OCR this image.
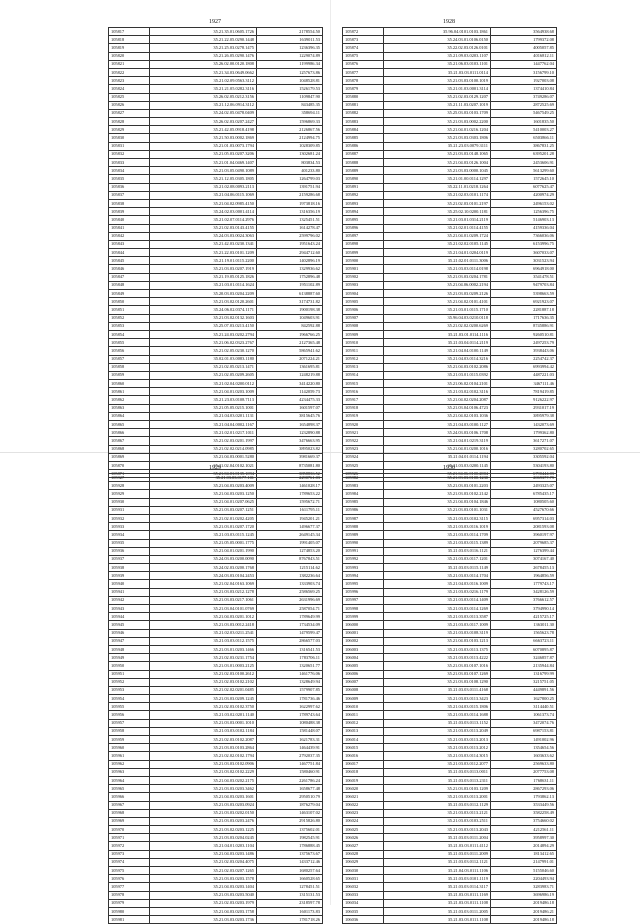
1927
105817	35.21.35.01.0605.1726	2178554.50
105818	35.21.22.05.0290.1448	1639011.53
105819	35.21.25.03.0278.1475	1236396.35
105820	35.21.26.05.0290.1476	1229074.89
105821	35.26.02.00.0120.1808	1199986.34
105822	35.21.34.03.0649.0662	1257673.86
105823	35.21.02.09.0563.3112	1048528.81
105824	35.21.21.05.0282.3116	1526179.53
105825	35.26.02.05.0212.3156	1109847.90
105826	35.21.12.06.0914.3112	843485.35
105827	35.24.02.05.0478.0409	358694.11
105828	35.26.02.03.0207.2427	1596869.33
105829	35.21.42.05.0918.4198	2126867.56
105830	35.21.50.03.0002.1869	2124994.75
105831	35.21.01.03.0073.1794	1028309.85
105832	35.21.05.03.0207.3206	1302681.24
105833	35.21.01.04.0469.1407	803834.53
105834	35.21.03.05.0490.1089	401233.80
105835	35.21.12.05.0305.1805	1264799.03
105836	35.21.02.08.0093.2113	1391751.94
105837	35.21.04.06.0115.1069	2159286.68
105838	35.21.04.02.0985.4150	1973818.16
105839	35.24.02.03.0001.4114	1316356.19
105840	35.21.02.07.0114.2976	1325451.51
105841	35.21.02.03.0143.4155	1614278.47
105842	35.24.03.03.0024.3063	2599796.02
105843	35.21.42.03.0230.1341	1951643.24
105844	35.21.22.03.0101.1209	2944712.60
105845	35.21.19.01.0115.2200	1402896.19
105846	35.21.03.03.0207.1919	1329936.62
105847	35.21.19.05.0125.1826	1752896.48
105848	35.21.03.01.0114.1624	1951102.89
105849	35.20.03.03.0204.2209	6138887.60
105850	35.21.03.02.0120.2601	3174731.82
105851	35.24.06.02.0374.1171	1900198.38
105852	35.21.03.02.0132.1603	1049603.91
105853	35.25.07.03.0213.4150	842592.88
105854	35.21.24.03.0202.2794	1966766.25
105855	35.21.06.02.0323.2767	2127365.48
105856	35.21.02.05.0230.1270	5865941.62
105857	35.02.01.03.0083.1180	2071224.21
105858	35.21.02.05.0213.1471	1361695.81
105859	35.21.02.05.0209.2605	1248219.88
105860	35.21.02.04.0200.0112	3414220.80
105861	35.21.04.01.0203.1009	1142059.73
105862	35.21.23.03.0108.7113	4234475.33
105863	35.21.05.05.0215.1001	1601597.07
105864	35.21.04.03.0201.1131	3815645.76
105865	35.21.04.04.0002.1167	1654898.37
105866	35.21.02.01.0217.1011	1232890.88
105867	35.21.02.03.0201.1997	3476663.95
105868	35.21.02.02.0214.0985	3895023.82
105869	35.21.04.03.0001.5280	3981669.37
105870	35.21.02.04.0102.1021	8735081.80
105871	35.21.04.01.0135.1094	3858836.52
1928
105872	35.96.04.0101.0103.1861	3564938.68
105873	35.24.03.01.0106.0150	1799372.08
105874	35.22.02.03.0126.0101	4005057.85
105875	35.21.09.03.0203.1107	4016812.11
105876	35.21.06.03.0103.1101	1447762.04
105877	35.21.03.03.0111.0114	3156799.10
105878	35.21.03.03.0100.1019	1927003.08
105879	35.21.01.03.0001.3114	1374410.84
105880	35.21.02.03.0129.1207	3749286.07
105881	35.21.11.03.0207.1019	2872525.69
105882	35.25.03.03.0103.1709	5467549.25
105883	35.21.03.03.0002.2200	1601835.50
105884	35.21.04.01.0216.1204	5410003.27
105885	35.21.03.03.0303.1806	6503866.11
105886	35.21.23.03.0079.3111	3867831.25
105887	35.21.03.03.0148.1065	6395201.28
105888	35.21.04.03.0126.1004	2453606.91
105889	35.21.03.03.0000.1045	5613299.60
105890	35.21.01.00.0114.1297	1572645.10
105891	35.22.11.01.0218.1264	6077625.47
105892	35.21.02.03.0101.1174	4200974.29
105893	35.21.02.03.0101.2197	2496153.02
105894	35.25.02.10.0200.1181	1256396.75
105895	35.21.03.01.0314.2119	5146903.13
105896	35.21.02.01.0114.4155	4159336.04
105897	35.21.04.01.0209.1724	7366036.06
105898	35.21.02.02.0105.1145	6153996.75
105899	35.21.04.01.0204.0119	3607033.07
105900	35.21.02.01.0111.3006	3031523.94
105901	35.21.03.03.0114.0198	6964918.00
105902	35.21.03.03.0204.1781	3541478.51
105903	35.21.04.06.0002.2194	9479703.84
105904	35.21.03.03.0209.2126	5398663.59
105905	35.21.04.02.0101.4101	6921923.07
105906	35.21.03.01.0115.1710	2281887.18
105907	35.96.04.03.0210.0118	1717636.35
105908	35.21.02.02.0200.6269	8745886.91
105909	35.21.03.01.0114.1116	9260510.81
105910	35.21.03.04.0114.2119	2497253.79
105911	35.21.04.04.0100.1149	3938443.06
105912	35.21.04.03.0114.3216	2254742.37
105913	35.21.04.03.0102.2086	6993994.42
105914	35.21.03.01.0115.0392	4487221.03
105915	35.21.06.02.0104.2101	3467111.46
105916	35.21.03.02.0102.3116	7819419.85
105917	35.21.04.02.0204.2087	9126222.97
105918	35.21.03.04.0106.4723	2931017.19
105919	35.21.04.02.0103.1036	3895979.38
105920	35.21.04.03.0100.1127	1432073.69
105921	35.24.03.03.0106.1708	1799362.80
105922	35.21.04.01.0219.3119	3617271.07
105923	35.21.04.01.0200.1016	3280702.65
105924	35.21.04.01.0114.1194	3305592.04
105925	35.21.03.03.0200.1145	5304193.80
105926	35.21.04.06.0100.2004	6790444.03
1929
105927	35.21.03.03.0177.101	2290761.03
105928	35.21.04.03.0203.4009	1461028.17
105929	35.21.04.03.0203.1250	1789653.22
105930	35.21.04.01.0207.0625	1595672.71
105931	35.21.03.03.0207.1251	1611795.11
105932	35.21.02.01.0202.4205	1945201.21
105933	35.21.03.01.0207.1720	1496677.37
105934	35.21.03.03.0115.1245	2649145.34
105935	35.21.05.05.0001.1775	1991405.07
105936	35.21.04.01.0201.1990	1274853.20
105937	35.24.03.03.0200.0090	8767843.51
105938	35.24.02.03.0200.1768	1215114.62
105939	35.24.03.03.0104.2453	1382236.64
105940	35.21.02.04.0163.1069	1333903.74
105941	35.21.03.03.0212.1278	2586569.25
105942	35.21.03.03.0217.1061	2631996.69
105943	35.21.03.04.0101.0769	2587054.71
105944	35.21.04.03.0201.1012	1789649.99
105945	35.21.03.03.0012.2418	1734534.09
105946	35.21.02.03.0211.2541	1479599.47
105947	35.21.03.03.0112.1575	2866577.03
105948	35.21.03.01.0203.1466	1316541.53
105949	35.21.02.03.0231.1754	1783706.11
105950	35.21.03.01.0003.2125	1320651.77
105951	35.21.02.03.0100.2612	1461776.06
105952	35.21.02.03.0102.2102	1328649.94
105953	35.21.02.02.0201.0485	1579907.85
105954	35.21.03.03.0209.1245	1781736.46
105955	35.21.02.03.0102.3750	1622997.62
105956	35.21.03.02.0201.1140	1789743.64
105957	35.21.03.03.0001.1010	1080488.38
105958	35.21.03.03.0102.1184	1581448.07
105959	35.21.02.03.0102.2087	1621783.31
105960	35.21.03.03.0103.2864	1464439.91
105961	35.21.02.02.0102.1794	2792037.35
105962	35.21.03.03.0102.0906	1467751.84
105963	35.21.03.02.0102.2229	1580460.91
105964	35.21.04.03.0202.2175	2261786.24
105965	35.21.03.03.0203.3462	1658677.48
105966	35.21.04.03.0203.1601	2950510.79
105967	35.21.03.03.0203.0924	1876279.04
105968	35.21.03.03.0202.0150	1463107.02
105969	35.21.03.03.0203.2476	2915826.80
105970	35.21.03.02.0203.1225	1375602.01
105971	35.21.03.03.0204.0245	1982545.91
105972	35.21.04.01.0203.1104	1786888.45
105973	35.21.04.03.0203.1486	1375673.67
105974	35.21.02.03.0204.4075	1433712.46
105975	35.21.02.03.0207.1265	1680257.64
105976	35.21.03.03.0203.1578	1660528.65
105977	35.21.04.03.0203.1404	1278451.51
105978	35.21.03.03.0203.5040	1315131.53
105979	35.21.02.03.0203.1979	2318597.78
105980	35.21.04.03.0203.1758	1601173.83
105981	35.21.03.03.0203.1736	1781718.26
1930
105982	35.21.03.03.0100.1230	2069377.79
105983	35.21.03.03.0101.2203	2493325.07
105984	35.21.03.03.0102.2142	6785435.17
105985	35.21.04.03.0104.1846	1080505.60
105986	35.21.03.03.0101.1031	4527670.66
105987	35.21.03.03.0102.3115	6957314.03
105988	35.21.03.03.0116.1019	2081593.08
105989	35.21.03.03.0114.1709	3960197.97
105990	35.21.03.03.0115.1389	2079685.37
105991	35.21.03.03.0116.1121	1276399.44
105992	35.21.03.03.0117.1201	3074167.40
105993	35.21.03.03.0115.1149	2678455.13
105994	35.21.03.03.0114.1704	1964856.59
105995	35.21.04.03.0116.1009	1779743.17
105996	35.21.03.03.0216.1179	3428126.59
105997	35.21.03.03.0114.1409	3766612.57
105998	35.21.03.03.0114.1269	3794990.14
105999	35.21.03.03.0113.3587	4215725.17
106000	35.21.03.03.0117.1009	1363011.30
106001	35.21.03.03.0108.3119	1565623.78
106002	35.21.04.03.0103.1213	6663723.11
106003	35.21.03.03.0113.1375	6070895.87
106004	35.21.03.03.0113.4222	3246857.87
106005	35.21.03.03.0107.1016	2135944.84
106006	35.21.03.03.0107.1269	1316799.99
106007	35.21.03.03.0108.1290	3215751.05
106008	35.21.03.03.0111.4168	4449891.56
106009	35.21.03.03.0113.3423	1627800.25
106010	35.21.04.03.0115.1806	3114440.51
106011	35.21.03.03.0114.1688	1061373.74
106012	35.21.03.03.0113.1152	3472074.76
106013	35.21.03.03.0113.2049	6987153.81
106014	35.21.03.03.0113.2013	1491002.96
106015	35.21.03.03.0113.2012	1354654.56
106016	35.21.03.03.0114.3015	1603633.62
106017	35.21.03.03.0112.2077	2569633.80
106018	35.21.03.03.0113.0011	2077753.08
106019	35.21.03.03.0113.2311	1768631.11
106020	35.21.03.03.0103.1209	2867293.06
106021	35.21.03.03.0113.2001	1793862.13
106022	35.21.03.03.0112.1129	3533449.56
106023	35.21.03.03.0113.2121	3582258.49
106024	35.21.03.03.0103.2511	3754660.02
106025	35.21.03.03.0113.2043	4212561.11
106026	35.21.03.03.0111.2004	3958997.30
106027	35.21.03.03.0111.4112	2014894.29
106028	35.21.03.03.0111.2009	1813412.65
106029	35.21.03.03.0112.1121	2147991.01
106030	35.21.04.03.0111.1106	5155046.60
106031	35.21.03.03.0101.1119	2204493.94
106032	35.21.03.03.0114.3117	3283983.71
106033	35.21.03.03.0111.1169	3696986.19
106034	35.21.03.03.0111.1108	2019486.18
106035	35.21.03.03.0111.2005	2019486.21
106036	35.21.03.03.0111.1108	2019486.18
